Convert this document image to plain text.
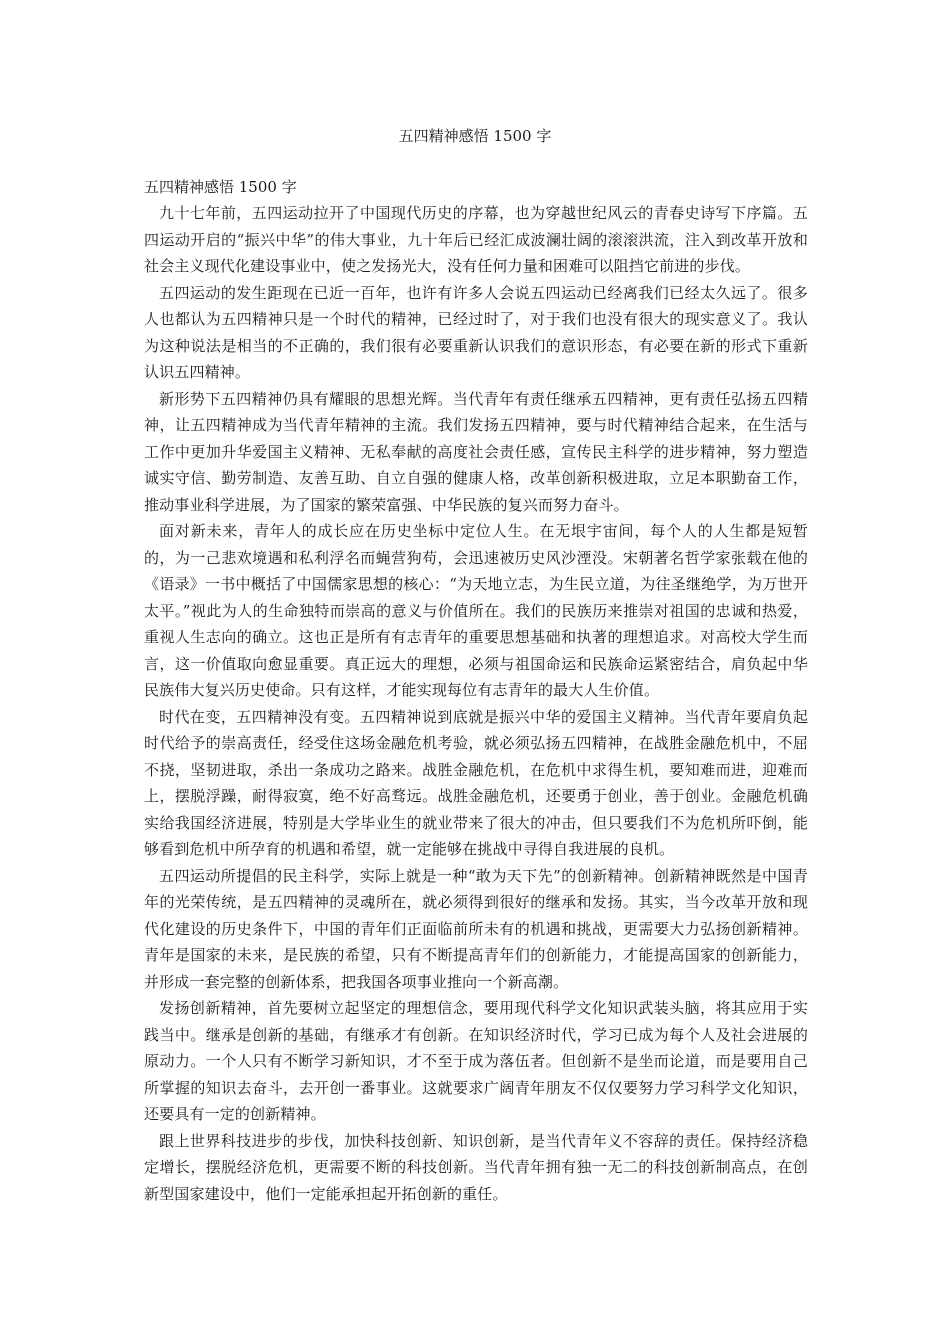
五四精神感悟 1500 字

五四精神感悟 1500 字

九十七年前，五四运动拉开了中国现代历史的序幕，也为穿越世纪风云的青春史诗写下序篇。五四运动开启的“振兴中华”的伟大事业，九十年后已经汇成波澜壮阔的滚滚洪流，注入到改革开放和社会主义现代化建设事业中，使之发扬光大，没有任何力量和困难可以阻挡它前进的步伐。

五四运动的发生距现在已近一百年，也许有许多人会说五四运动已经离我们已经太久远了。很多人也都认为五四精神只是一个时代的精神，已经过时了，对于我们也没有很大的现实意义了。我认为这种说法是相当的不正确的，我们很有必要重新认识我们的意识形态，有必要在新的形式下重新认识五四精神。

新形势下五四精神仍具有耀眼的思想光辉。当代青年有责任继承五四精神，更有责任弘扬五四精神，让五四精神成为当代青年精神的主流。我们发扬五四精神，要与时代精神结合起来，在生活与工作中更加升华爱国主义精神、无私奉献的高度社会责任感，宣传民主科学的进步精神，努力塑造诚实守信、勤劳制造、友善互助、自立自强的健康人格，改革创新积极进取，立足本职勤奋工作，推动事业科学进展，为了国家的繁荣富强、中华民族的复兴而努力奋斗。

面对新未来，青年人的成长应在历史坐标中定位人生。在无垠宇宙间，每个人的人生都是短暂的，为一己悲欢境遇和私利浮名而蝇营狗苟，会迅速被历史风沙湮没。宋朝著名哲学家张载在他的《语录》一书中概括了中国儒家思想的核心：“为天地立志，为生民立道，为往圣继绝学，为万世开太平。”视此为人的生命独特而崇高的意义与价值所在。我们的民族历来推崇对祖国的忠诚和热爱，重视人生志向的确立。这也正是所有有志青年的重要思想基础和执著的理想追求。对高校大学生而言，这一价值取向愈显重要。真正远大的理想，必须与祖国命运和民族命运紧密结合，肩负起中华民族伟大复兴历史使命。只有这样，才能实现每位有志青年的最大人生价值。

时代在变，五四精神没有变。五四精神说到底就是振兴中华的爱国主义精神。当代青年要肩负起时代给予的崇高责任，经受住这场金融危机考验，就必须弘扬五四精神，在战胜金融危机中，不屈不挠，坚韧进取，杀出一条成功之路来。战胜金融危机，在危机中求得生机，要知难而进，迎难而上，摆脱浮躁，耐得寂寞，绝不好高骛远。战胜金融危机，还要勇于创业，善于创业。金融危机确实给我国经济进展，特别是大学毕业生的就业带来了很大的冲击，但只要我们不为危机所吓倒，能够看到危机中所孕育的机遇和希望，就一定能够在挑战中寻得自我进展的良机。

五四运动所提倡的民主科学，实际上就是一种“敢为天下先”的创新精神。创新精神既然是中国青年的光荣传统，是五四精神的灵魂所在，就必须得到很好的继承和发扬。其实，当今改革开放和现代化建设的历史条件下，中国的青年们正面临前所未有的机遇和挑战，更需要大力弘扬创新精神。青年是国家的未来，是民族的希望，只有不断提高青年们的创新能力，才能提高国家的创新能力，并形成一套完整的创新体系，把我国各项事业推向一个新高潮。

发扬创新精神，首先要树立起坚定的理想信念，要用现代科学文化知识武装头脑，将其应用于实践当中。继承是创新的基础，有继承才有创新。在知识经济时代，学习已成为每个人及社会进展的原动力。一个人只有不断学习新知识，才不至于成为落伍者。但创新不是坐而论道，而是要用自己所掌握的知识去奋斗，去开创一番事业。这就要求广阔青年朋友不仅仅要努力学习科学文化知识，还要具有一定的创新精神。

跟上世界科技进步的步伐，加快科技创新、知识创新，是当代青年义不容辞的责任。保持经济稳定增长，摆脱经济危机，更需要不断的科技创新。当代青年拥有独一无二的科技创新制高点，在创新型国家建设中，他们一定能承担起开拓创新的重任。
